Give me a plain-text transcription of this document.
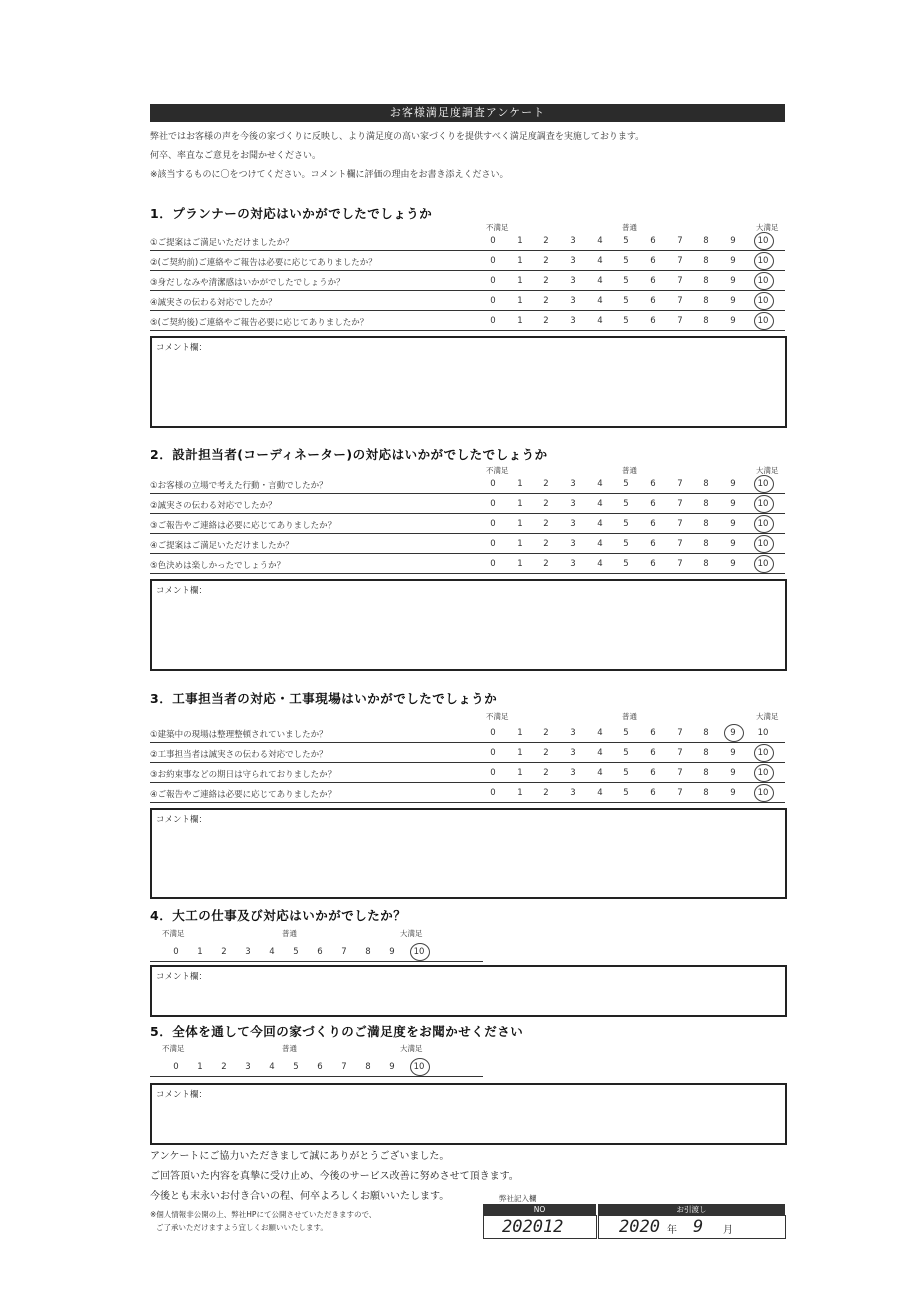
お客様満足度調査アンケート
弊社ではお客様の声を今後の家づくりに反映し、より満足度の高い家づくりを提供すべく満足度調査を実施しております。
何卒、率直なご意見をお聞かせください。
※該当するものに〇をつけてください。コメント欄に評価の理由をお書き添えください。
1．プランナーの対応はいかがでしたでしょうか
不満足	普通	大満足
①ご提案はご満足いただけましたか？	0	1	2	3	4	5	6	7	8	9	10
②(ご契約前)ご連絡やご報告は必要に応じてありましたか？	0	1	2	3	4	5	6	7	8	9	10
③身だしなみや清潔感はいかがでしたでしょうか？	0	1	2	3	4	5	6	7	8	9	10
④誠実さの伝わる対応でしたか？	0	1	2	3	4	5	6	7	8	9	10
⑤(ご契約後)ご連絡やご報告必要に応じてありましたか？	0	1	2	3	4	5	6	7	8	9	10
コメント欄：
2．設計担当者(コーディネーター)の対応はいかがでしたでしょうか
不満足	普通	大満足
①お客様の立場で考えた行動・言動でしたか？	0	1	2	3	4	5	6	7	8	9	10
②誠実さの伝わる対応でしたか？	0	1	2	3	4	5	6	7	8	9	10
③ご報告やご連絡は必要に応じてありましたか？	0	1	2	3	4	5	6	7	8	9	10
④ご提案はご満足いただけましたか？	0	1	2	3	4	5	6	7	8	9	10
⑤色決めは楽しかったでしょうか？	0	1	2	3	4	5	6	7	8	9	10
コメント欄：
3．工事担当者の対応・工事現場はいかがでしたでしょうか
不満足	普通	大満足
①建築中の現場は整理整頓されていましたか？	0	1	2	3	4	5	6	7	8	9	10
②工事担当者は誠実さの伝わる対応でしたか？	0	1	2	3	4	5	6	7	8	9	10
③お約束事などの期日は守られておりましたか？	0	1	2	3	4	5	6	7	8	9	10
④ご報告やご連絡は必要に応じてありましたか？	0	1	2	3	4	5	6	7	8	9	10
コメント欄：
4．大工の仕事及び対応はいかがでしたか？
不満足	普通	大満足
0	1	2	3	4	5	6	7	8	9	10
コメント欄：
5．全体を通して今回の家づくりのご満足度をお聞かせください
不満足	普通	大満足
0	1	2	3	4	5	6	7	8	9	10
コメント欄：
アンケートにご協力いただきまして誠にありがとうございました。
ご回答頂いた内容を真摯に受け止め、今後のサービス改善に努めさせて頂きます。
今後とも末永いお付き合いの程、何卒よろしくお願いいたします。
※個人情報非公開の上、弊社HPにて公開させていただきますので、
ご了承いただけますよう宜しくお願いいたします。
弊社記入欄
NO	お引渡し
202012	2020 年 9 月
